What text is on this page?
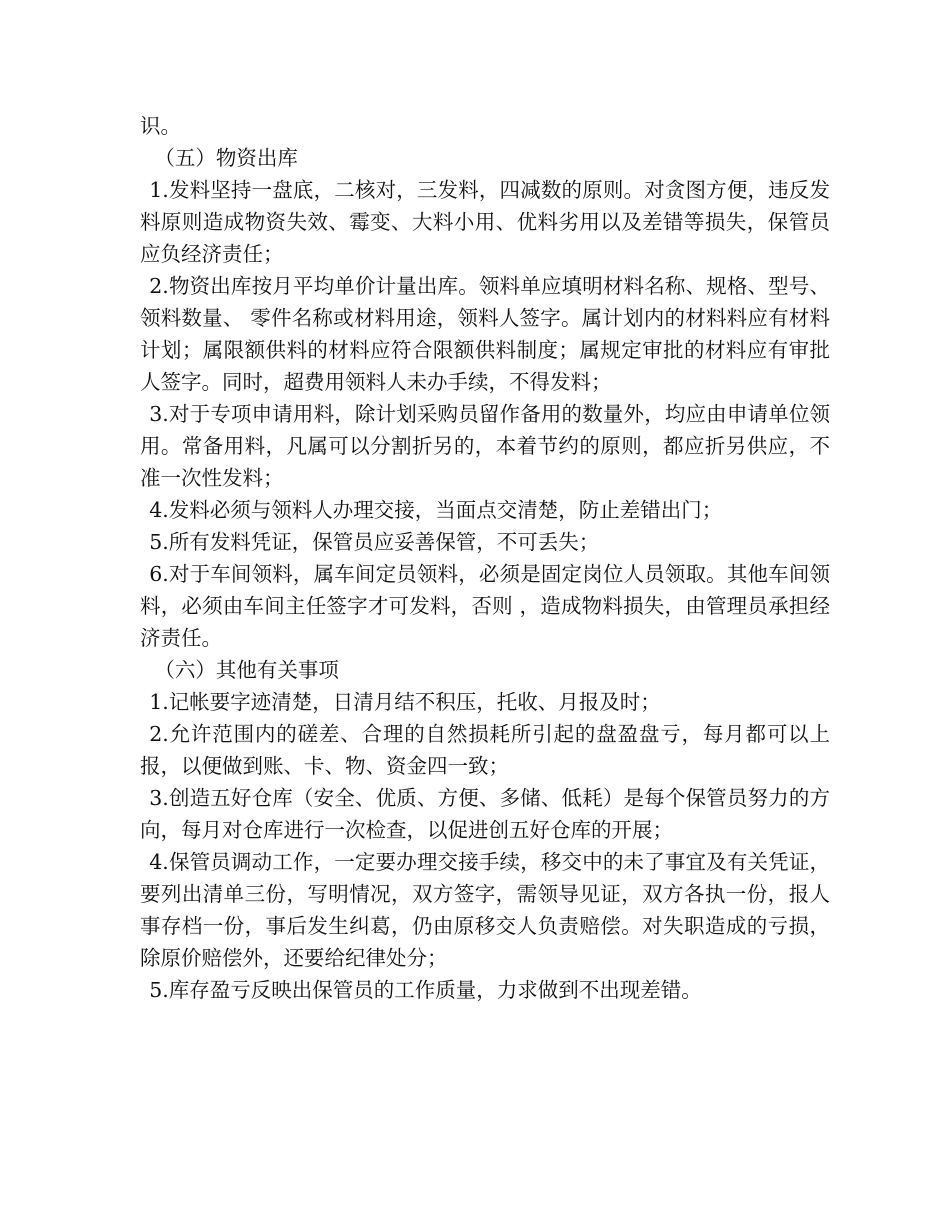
识。

（五）物资出库

1.发料坚持一盘底，二核对，三发料，四减数的原则。对贪图方便，违反发料原则造成物资失效、霉变、大料小用、优料劣用以及差错等损失，保管员应负经济责任；

2.物资出库按月平均单价计量出库。领料单应填明材料名称、规格、型号、领料数量、 零件名称或材料用途，领料人签字。属计划内的材料料应有材料计划；属限额供料的材料应符合限额供料制度；属规定审批的材料应有审批人签字。同时，超费用领料人未办手续，不得发料；

3.对于专项申请用料，除计划采购员留作备用的数量外，均应由申请单位领用。常备用料，凡属可以分割折另的，本着节约的原则，都应折另供应，不准一次性发料；

4.发料必须与领料人办理交接，当面点交清楚，防止差错出门；

5.所有发料凭证，保管员应妥善保管，不可丢失；

6.对于车间领料，属车间定员领料，必须是固定岗位人员领取。其他车间领料，必须由车间主任签字才可发料，否则 ，造成物料损失，由管理员承担经济责任。

（六）其他有关事项

1.记帐要字迹清楚，日清月结不积压，托收、月报及时；

2.允许范围内的磋差、合理的自然损耗所引起的盘盈盘亏，每月都可以上报，以便做到账、卡、物、资金四一致；

3.创造五好仓库（安全、优质、方便、多储、低耗）是每个保管员努力的方向，每月对仓库进行一次检查，以促进创五好仓库的开展；

4.保管员调动工作，一定要办理交接手续，移交中的未了事宜及有关凭证，要列出清单三份，写明情况，双方签字，需领导见证，双方各执一份，报人事存档一份，事后发生纠葛，仍由原移交人负责赔偿。对失职造成的亏损，除原价赔偿外，还要给纪律处分；

5.库存盈亏反映出保管员的工作质量，力求做到不出现差错。
